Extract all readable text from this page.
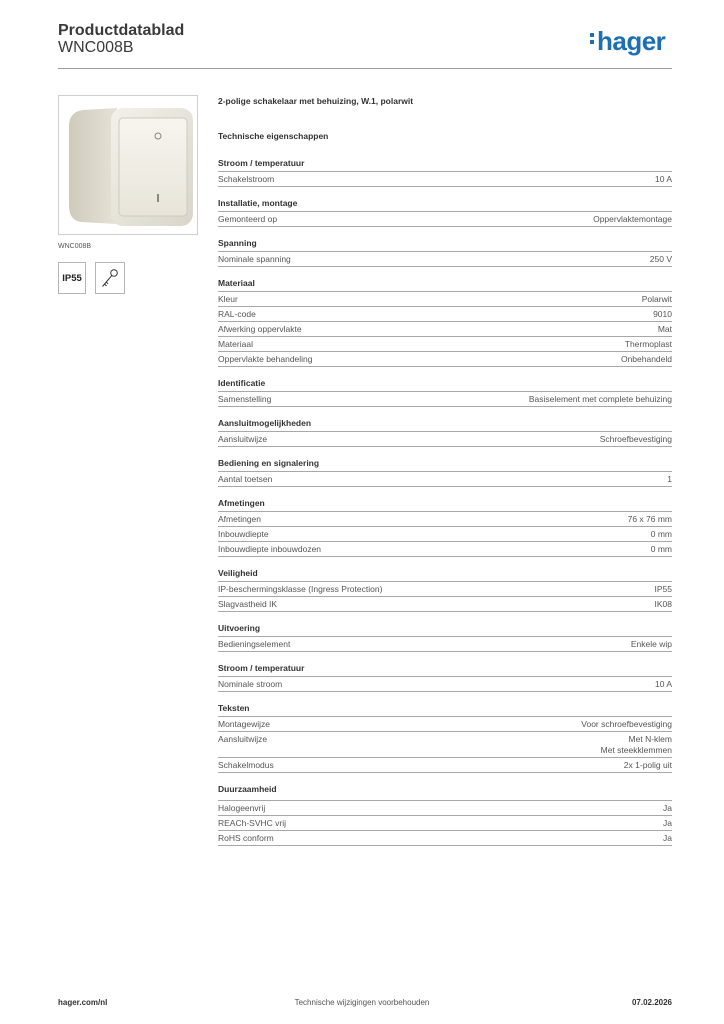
Productdatablad
WNC008B	hager
WNC008B
IP55
2-polige schakelaar met behuizing, W.1, polarwit
Technische eigenschappen
Stroom / temperatuur
Schakelstroom	10 A
Installatie, montage
Gemonteerd op	Oppervlaktemontage
Spanning
Nominale spanning	250 V
Materiaal
Kleur	Polarwit
RAL-code	9010
Afwerking oppervlakte	Mat
Materiaal	Thermoplast
Oppervlakte behandeling	Onbehandeld
Identificatie
Samenstelling	Basiselement met complete behuizing
Aansluitmogelijkheden
Aansluitwijze	Schroefbevestiging
Bediening en signalering
Aantal toetsen	1
Afmetingen
Afmetingen	76 x 76 mm
Inbouwdiepte	0 mm
Inbouwdiepte inbouwdozen	0 mm
Veiligheid
IP-beschermingsklasse (Ingress Protection)	IP55
Slagvastheid IK	IK08
Uitvoering
Bedieningselement	Enkele wip
Stroom / temperatuur
Nominale stroom	10 A
Teksten
Montagewijze	Voor schroefbevestiging
Aansluitwijze	Met N-klem
Met steekklemmen
Schakelmodus	2x 1-polig uit
Duurzaamheid
Halogeenvrij	Ja
REACh-SVHC vrij	Ja
RoHS conform	Ja
hager.com/nl	Technische wijzigingen voorbehouden	07.02.2026
